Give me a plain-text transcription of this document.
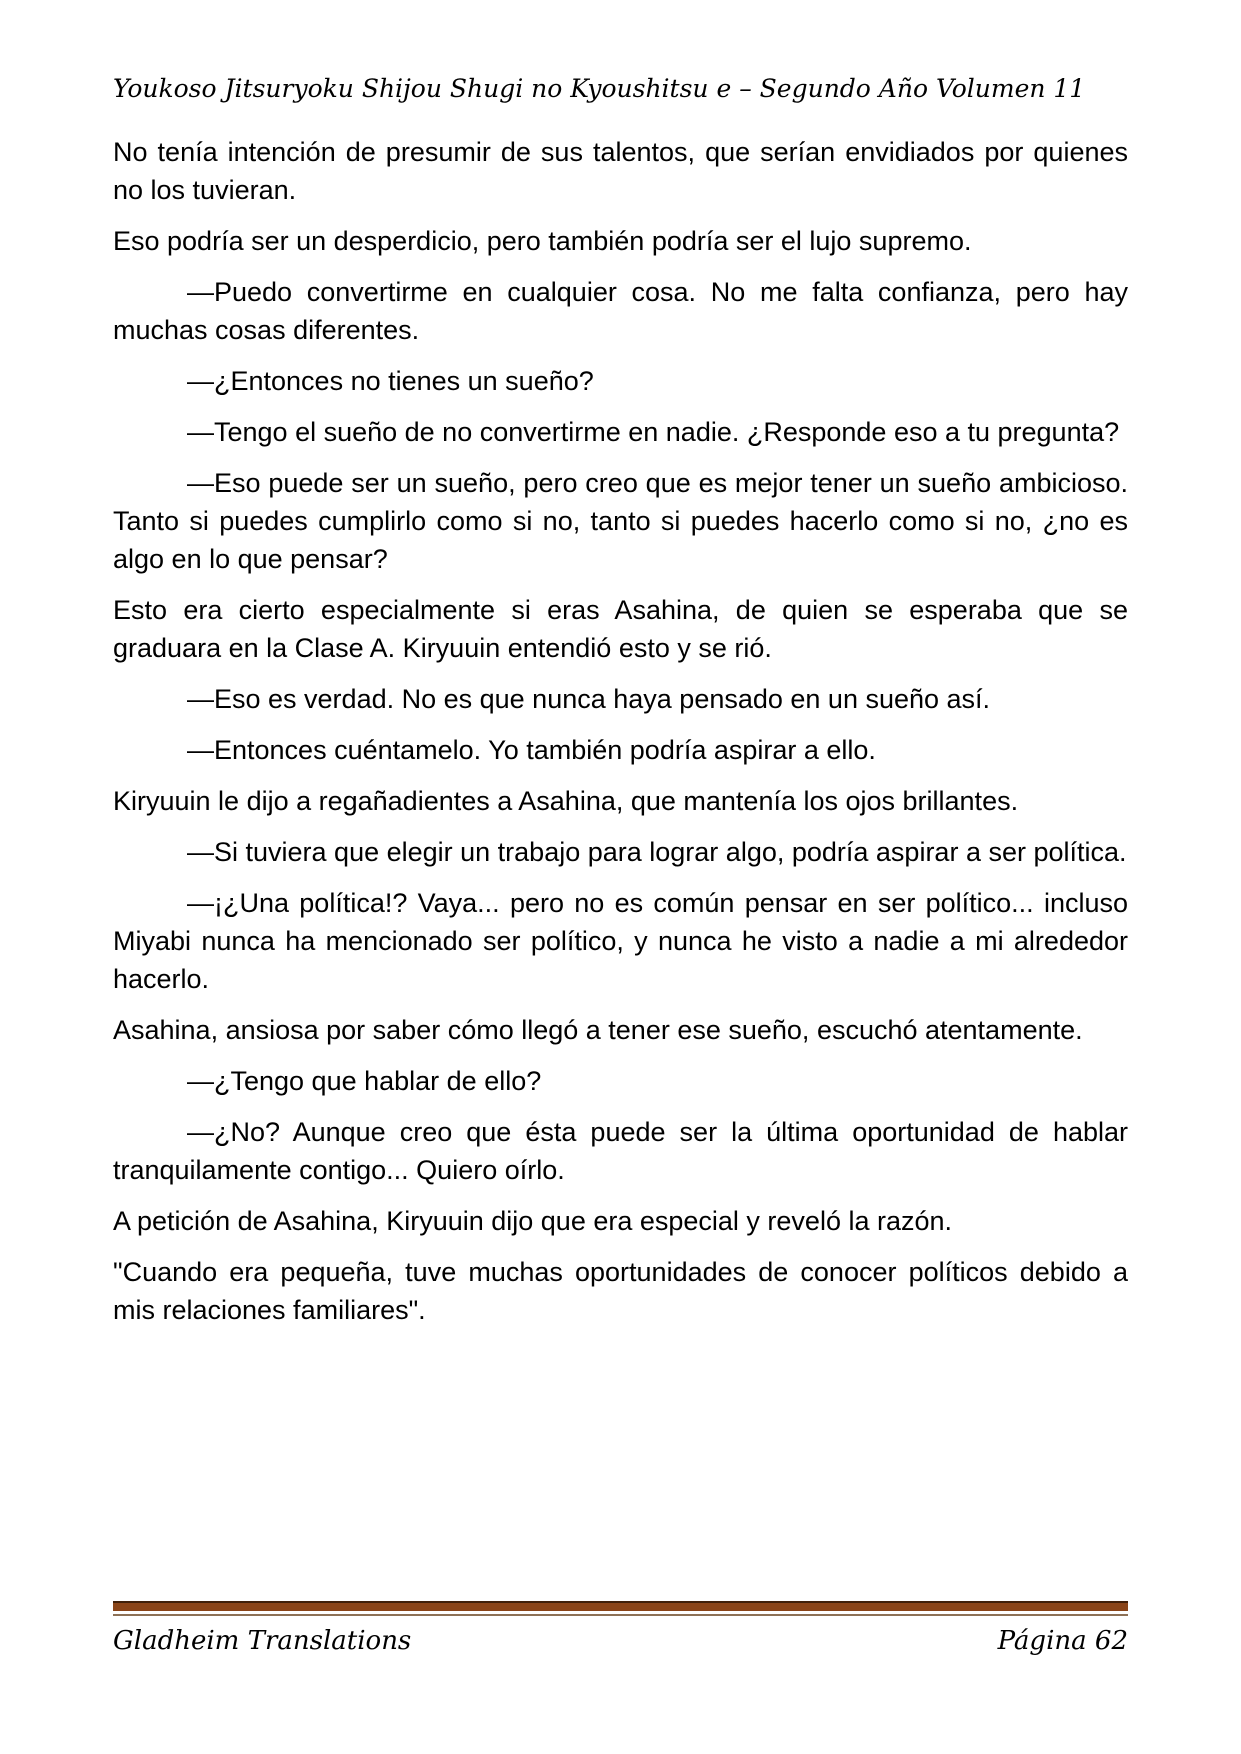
Youkoso Jitsuryoku Shijou Shugi no Kyoushitsu e – Segundo Año Volumen 11

No tenía intención de presumir de sus talentos, que serían envidiados por quienes no los tuvieran.

Eso podría ser un desperdicio, pero también podría ser el lujo supremo.

—Puedo convertirme en cualquier cosa. No me falta confianza, pero hay muchas cosas diferentes.

—¿Entonces no tienes un sueño?

—Tengo el sueño de no convertirme en nadie. ¿Responde eso a tu pregunta?

—Eso puede ser un sueño, pero creo que es mejor tener un sueño ambicioso. Tanto si puedes cumplirlo como si no, tanto si puedes hacerlo como si no, ¿no es algo en lo que pensar?

Esto era cierto especialmente si eras Asahina, de quien se esperaba que se graduara en la Clase A. Kiryuuin entendió esto y se rió.

—Eso es verdad. No es que nunca haya pensado en un sueño así.

—Entonces cuéntamelo. Yo también podría aspirar a ello.

Kiryuuin le dijo a regañadientes a Asahina, que mantenía los ojos brillantes.

—Si tuviera que elegir un trabajo para lograr algo, podría aspirar a ser política.

—¡¿Una política!? Vaya... pero no es común pensar en ser político... incluso Miyabi nunca ha mencionado ser político, y nunca he visto a nadie a mi alrededor hacerlo.

Asahina, ansiosa por saber cómo llegó a tener ese sueño, escuchó atentamente.

—¿Tengo que hablar de ello?

—¿No? Aunque creo que ésta puede ser la última oportunidad de hablar tranquilamente contigo... Quiero oírlo.

A petición de Asahina, Kiryuuin dijo que era especial y reveló la razón.

"Cuando era pequeña, tuve muchas oportunidades de conocer políticos debido a mis relaciones familiares".

Gladheim Translations	Página 62
